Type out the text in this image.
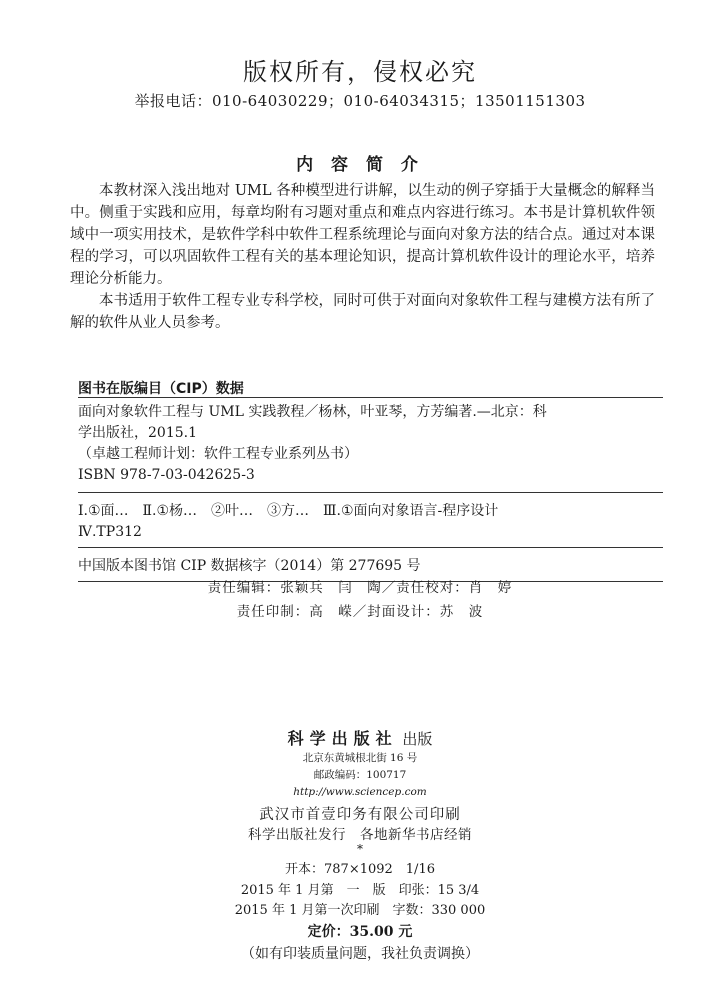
版权所有，侵权必究
举报电话：010-64030229；010-64034315；13501151303
内 容 简 介

本教材深入浅出地对 UML 各种模型进行讲解，以生动的例子穿插于大量概念的解释当中。侧重于实践和应用，每章均附有习题对重点和难点内容进行练习。本书是计算机软件领域中一项实用技术，是软件学科中软件工程系统理论与面向对象方法的结合点。通过对本课程的学习，可以巩固软件工程有关的基本理论知识，提高计算机软件设计的理论水平，培养理论分析能力。

本书适用于软件工程专业专科学校，同时可供于对面向对象软件工程与建模方法有所了解的软件从业人员参考。

图书在版编目（CIP）数据
面向对象软件工程与 UML 实践教程／杨林，叶亚琴，方芳编著.—北京：科
学出版社，2015.1
（卓越工程师计划：软件工程专业系列丛书）
ISBN 978-7-03-042625-3
Ⅰ.①面…　Ⅱ.①杨…　②叶…　③方…　Ⅲ.①面向对象语言-程序设计
Ⅳ.TP312
中国版本图书馆 CIP 数据核字（2014）第 277695 号
责任编辑：张颖兵　闫　陶／责任校对：肖　婷
责任印制：高　嵘／封面设计：苏　波
科学出版社 出版
北京东黄城根北街 16 号
邮政编码：100717
http://www.sciencep.com
武汉市首壹印务有限公司印刷
科学出版社发行　各地新华书店经销
*
开本：787×1092　1/16
2015 年 1 月第　一　版　印张：15 3/4
2015 年 1 月第一次印刷　字数：330 000
定价：35.00 元
（如有印装质量问题，我社负责调换）
